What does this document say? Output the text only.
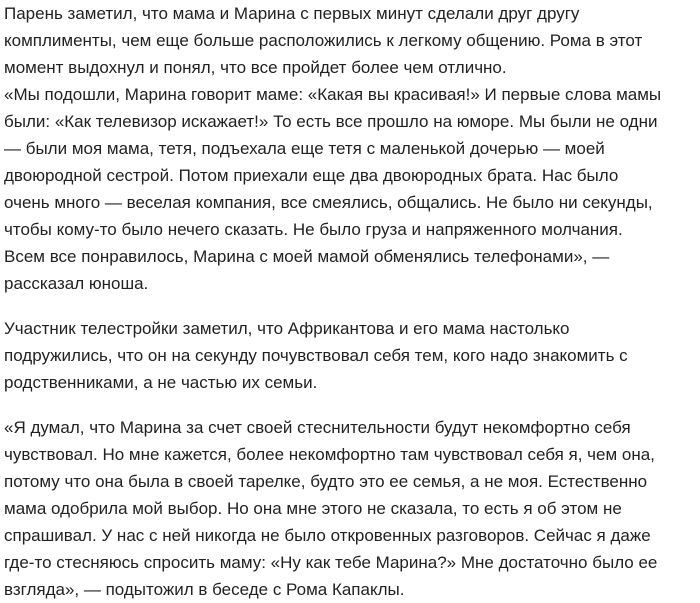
Парень заметил, что мама и Марина с первых минут сделали друг другу
комплименты, чем еще больше расположились к легкому общению. Рома в этот
момент выдохнул и понял, что все пройдет более чем отлично.
«Мы подошли, Марина говорит маме: «Какая вы красивая!» И первые слова мамы
были: «Как телевизор искажает!» То есть все прошло на юморе. Мы были не одни
— были моя мама, тетя, подъехала еще тетя с маленькой дочерью — моей
двоюродной сестрой. Потом приехали еще два двоюродных брата. Нас было
очень много — веселая компания, все смеялись, общались. Не было ни секунды,
чтобы кому-то было нечего сказать. Не было груза и напряженного молчания.
Всем все понравилось, Марина с моей мамой обменялись телефонами», —
рассказал юноша.

Участник телестройки заметил, что Африкантова и его мама настолько
подружились, что он на секунду почувствовал себя тем, кого надо знакомить с
родственниками, а не частью их семьи.

«Я думал, что Марина за счет своей стеснительности будут некомфортно себя
чувствовал. Но мне кажется, более некомфортно там чувствовал себя я, чем она,
потому что она была в своей тарелке, будто это ее семья, а не моя. Естественно
мама одобрила мой выбор. Но она мне этого не сказала, то есть я об этом не
спрашивал. У нас с ней никогда не было откровенных разговоров. Сейчас я даже
где-то стесняюсь спросить маму: «Ну как тебе Марина?» Мне достаточно было ее
взгляда», — подытожил в беседе с Рома Капаклы.
